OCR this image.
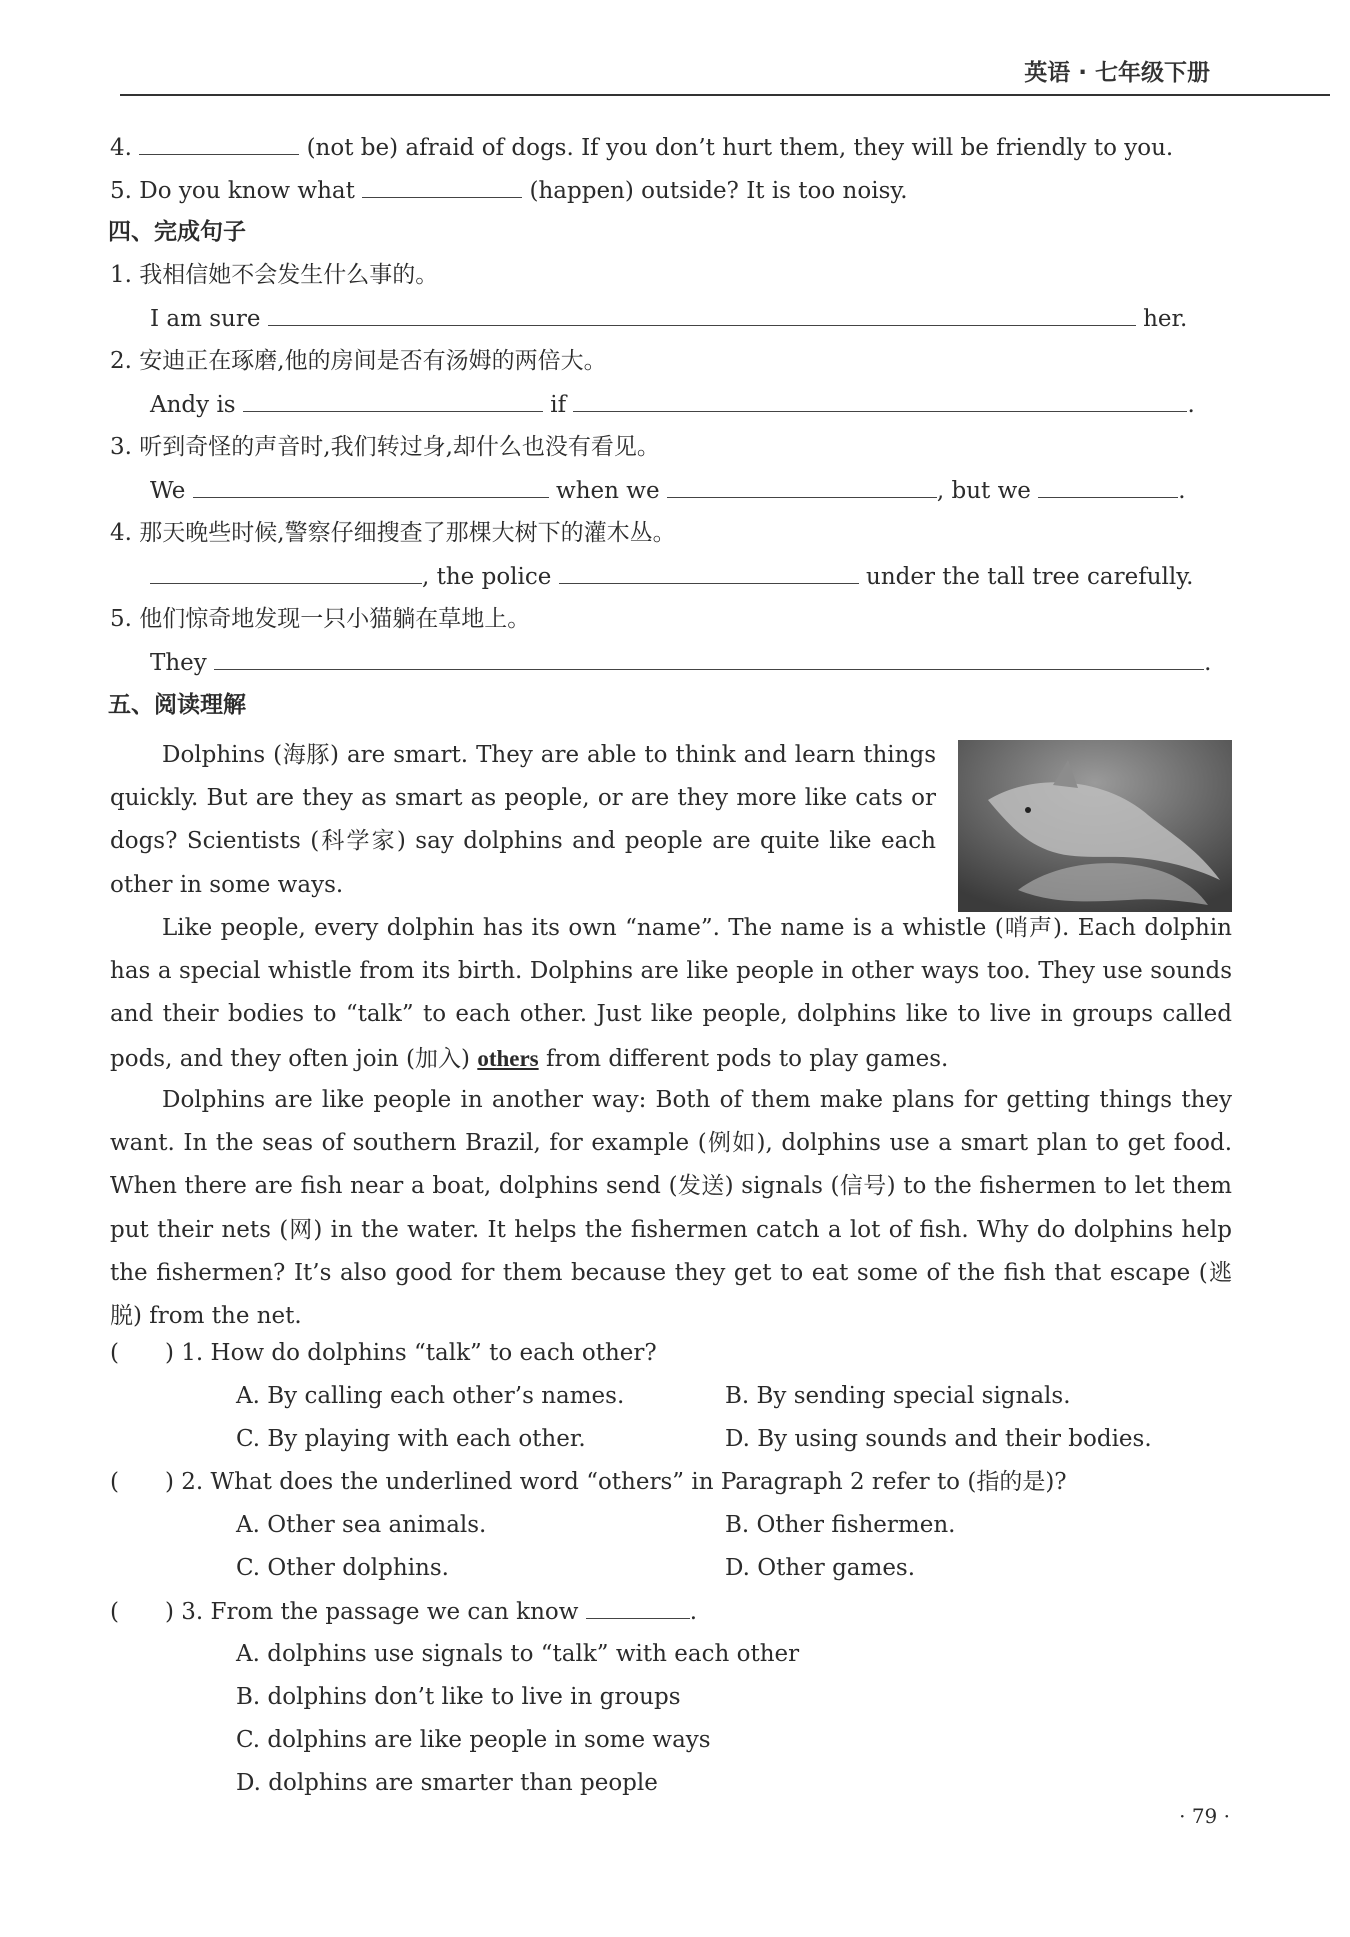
英语 · 七年级下册
4.	(not be) afraid of dogs. If you don’t hurt them, they will be friendly to you.
5. Do you know what	(happen) outside? It is too noisy.
四、完成句子
1. 我相信她不会发生什么事的。
I am sure	her.
2. 安迪正在琢磨,他的房间是否有汤姆的两倍大。
Andy is	if	.
3. 听到奇怪的声音时,我们转过身,却什么也没有看见。
We	when we	, but we	.
4. 那天晚些时候,警察仔细搜查了那棵大树下的灌木丛。
, the police	under the tall tree carefully.
5. 他们惊奇地发现一只小猫躺在草地上。
They	.
五、阅读理解

Dolphins (海豚) are smart. They are able to think and learn things quickly. But are they as smart as people, or are they more like cats or dogs? Scientists (科学家) say dolphins and people are quite like each other in some ways.

Like people, every dolphin has its own “name”. The name is a whistle (哨声). Each dolphin has a special whistle from its birth. Dolphins are like people in other ways too. They use sounds and their bodies to “talk” to each other. Just like people, dolphins like to live in groups called pods, and they often join (加入) others from different pods to play games.

Dolphins are like people in another way: Both of them make plans for getting things they want. In the seas of southern Brazil, for example (例如), dolphins use a smart plan to get food. When there are fish near a boat, dolphins send (发送) signals (信号) to the fishermen to let them put their nets (网) in the water. It helps the fishermen catch a lot of fish. Why do dolphins help the fishermen? It’s also good for them because they get to eat some of the fish that escape (逃脱) from the net.

(　　) 1. How do dolphins “talk” to each other?
A. By calling each other’s names.	B. By sending special signals.
C. By playing with each other.	D. By using sounds and their bodies.
(　　) 2. What does the underlined word “others” in Paragraph 2 refer to (指的是)?
A. Other sea animals.	B. Other fishermen.
C. Other dolphins.	D. Other games.
(　　) 3. From the passage we can know	.
A. dolphins use signals to “talk” with each other
B. dolphins don’t like to live in groups
C. dolphins are like people in some ways
D. dolphins are smarter than people
· 79 ·
